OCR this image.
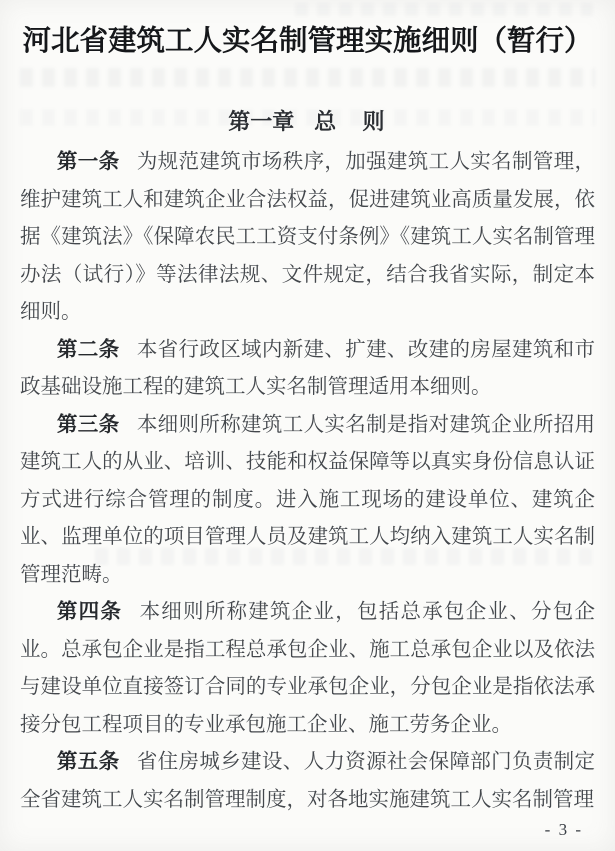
河北省建筑工人实名制管理实施细则（暂行）
第一章 总　则

第一条 为规范建筑市场秩序，加强建筑工人实名制管理，维护建筑工人和建筑企业合法权益，促进建筑业高质量发展，依据《建筑法》《保障农民工工资支付条例》《建筑工人实名制管理办法（试行）》等法律法规、文件规定，结合我省实际，制定本细则。

第二条 本省行政区域内新建、扩建、改建的房屋建筑和市政基础设施工程的建筑工人实名制管理适用本细则。

第三条 本细则所称建筑工人实名制是指对建筑企业所招用建筑工人的从业、培训、技能和权益保障等以真实身份信息认证方式进行综合管理的制度。进入施工现场的建设单位、建筑企业、监理单位的项目管理人员及建筑工人均纳入建筑工人实名制管理范畴。

第四条 本细则所称建筑企业，包括总承包企业、分包企业。总承包企业是指工程总承包企业、施工总承包企业以及依法与建设单位直接签订合同的专业承包企业，分包企业是指依法承接分包工程项目的专业承包施工企业、施工劳务企业。

第五条 省住房城乡建设、人力资源社会保障部门负责制定全省建筑工人实名制管理制度，对各地实施建筑工人实名制管理

- 3 -
